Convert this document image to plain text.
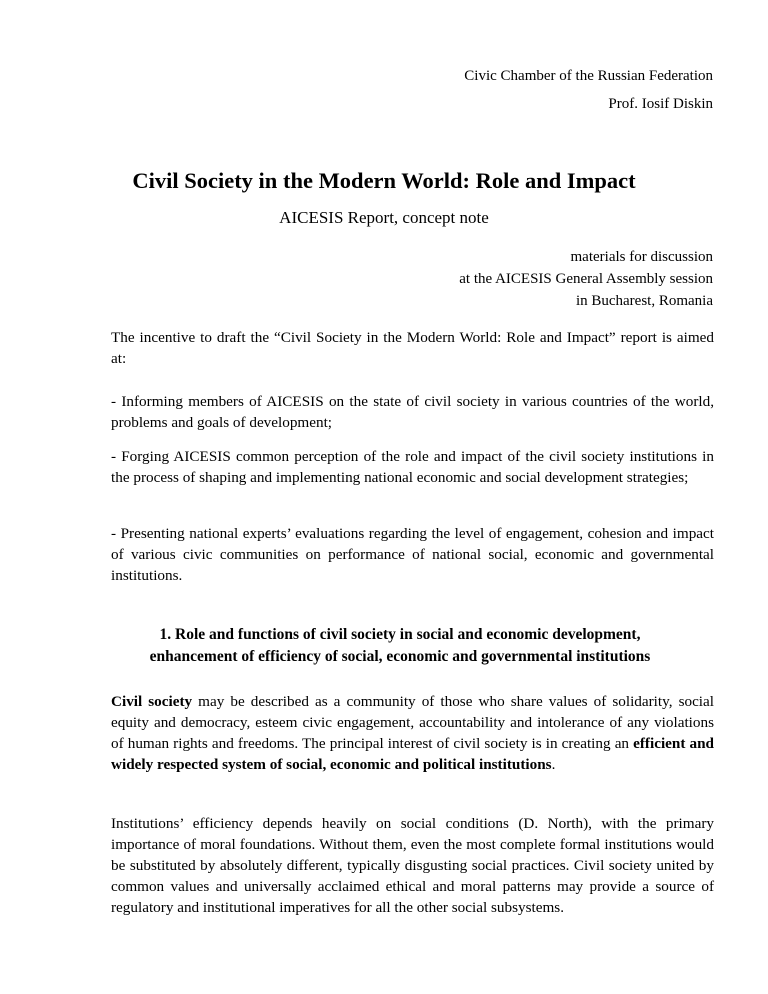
Civic Chamber of the Russian Federation
Prof. Iosif Diskin
Civil Society in the Modern World: Role and Impact
AICESIS Report, concept note
materials for discussion
at the AICESIS General Assembly session
in Bucharest, Romania
The incentive to draft the “Civil Society in the Modern World: Role and Impact” report is aimed at:
- Informing members of AICESIS on the state of civil society in various countries of the world, problems and goals of development;
- Forging AICESIS common perception of the role and impact of the civil society institutions in the process of shaping and implementing national economic and social development strategies;
- Presenting national experts’ evaluations regarding the level of engagement, cohesion and impact of various civic communities on performance of national social, economic and governmental institutions.
1. Role and functions of civil society in social and economic development,
enhancement of efficiency of social, economic and governmental institutions
Civil society may be described as a community of those who share values of solidarity, social equity and democracy, esteem civic engagement, accountability and intolerance of any violations of human rights and freedoms. The principal interest of civil society is in creating an efficient and widely respected system of social, economic and political institutions.
Institutions’ efficiency depends heavily on social conditions (D. North), with the primary importance of moral foundations. Without them, even the most complete formal institutions would be substituted by absolutely different, typically disgusting social practices. Civil society united by common values and universally acclaimed ethical and moral patterns may provide a source of regulatory and institutional imperatives for all the other social subsystems.
